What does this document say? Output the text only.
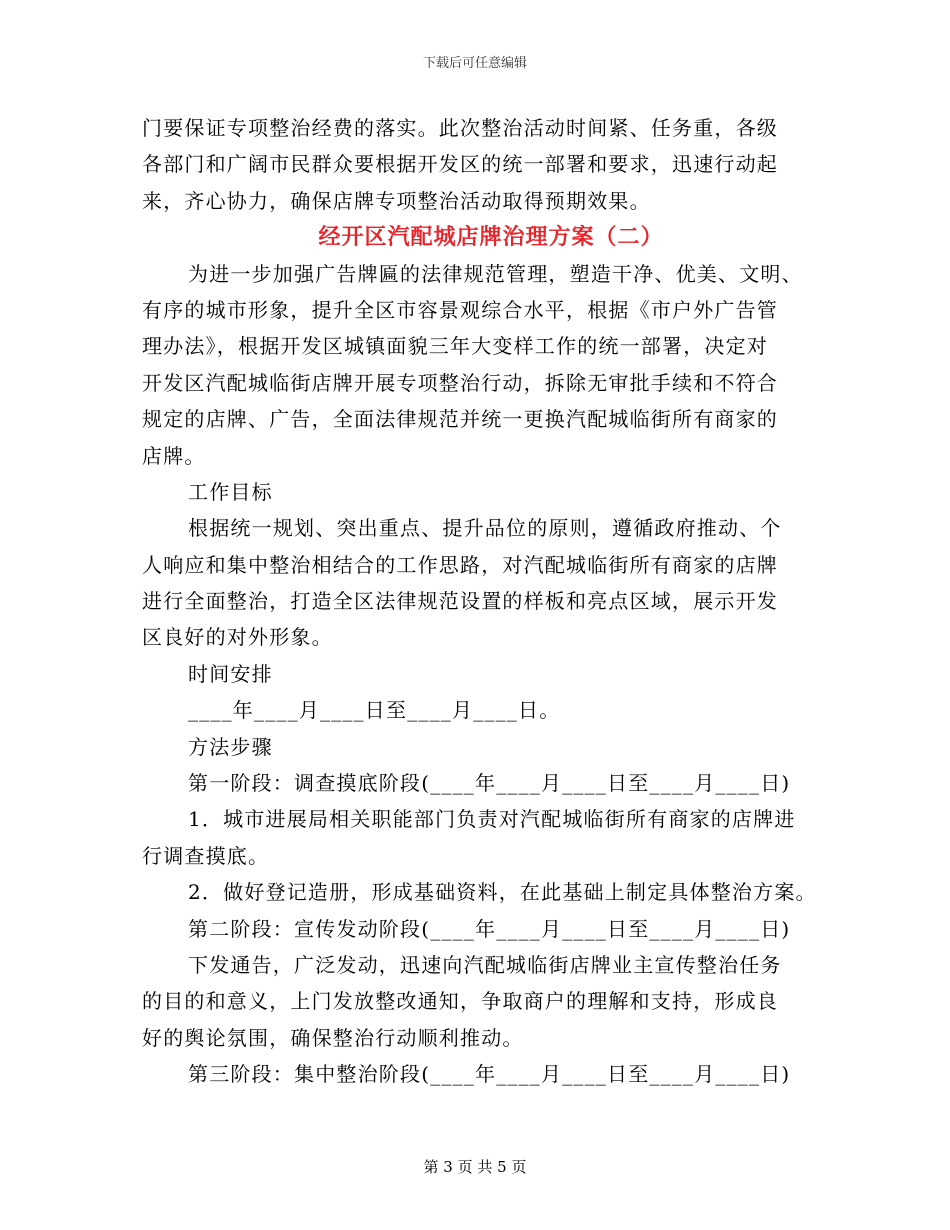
下载后可任意编辑
门要保证专项整治经费的落实。此次整治活动时间紧、任务重，各级
各部门和广阔市民群众要根据开发区的统一部署和要求，迅速行动起
来，齐心协力，确保店牌专项整治活动取得预期效果。
经开区汽配城店牌治理方案（二）
为进一步加强广告牌匾的法律规范管理，塑造干净、优美、文明、
有序的城市形象，提升全区市容景观综合水平，根据《市户外广告管
理办法》，根据开发区城镇面貌三年大变样工作的统一部署，决定对
开发区汽配城临街店牌开展专项整治行动，拆除无审批手续和不符合
规定的店牌、广告，全面法律规范并统一更换汽配城临街所有商家的
店牌。
工作目标
根据统一规划、突出重点、提升品位的原则，遵循政府推动、个
人响应和集中整治相结合的工作思路，对汽配城临街所有商家的店牌
进行全面整治，打造全区法律规范设置的样板和亮点区域，展示开发
区良好的对外形象。
时间安排
____年____月____日至____月____日。
方法步骤
第一阶段：调查摸底阶段(____年____月____日至____月____日)
1．城市进展局相关职能部门负责对汽配城临街所有商家的店牌进
行调查摸底。
2．做好登记造册，形成基础资料，在此基础上制定具体整治方案。
第二阶段：宣传发动阶段(____年____月____日至____月____日)
下发通告，广泛发动，迅速向汽配城临街店牌业主宣传整治任务
的目的和意义，上门发放整改通知，争取商户的理解和支持，形成良
好的舆论氛围，确保整治行动顺利推动。
第三阶段：集中整治阶段(____年____月____日至____月____日)
第 3 页 共 5 页
